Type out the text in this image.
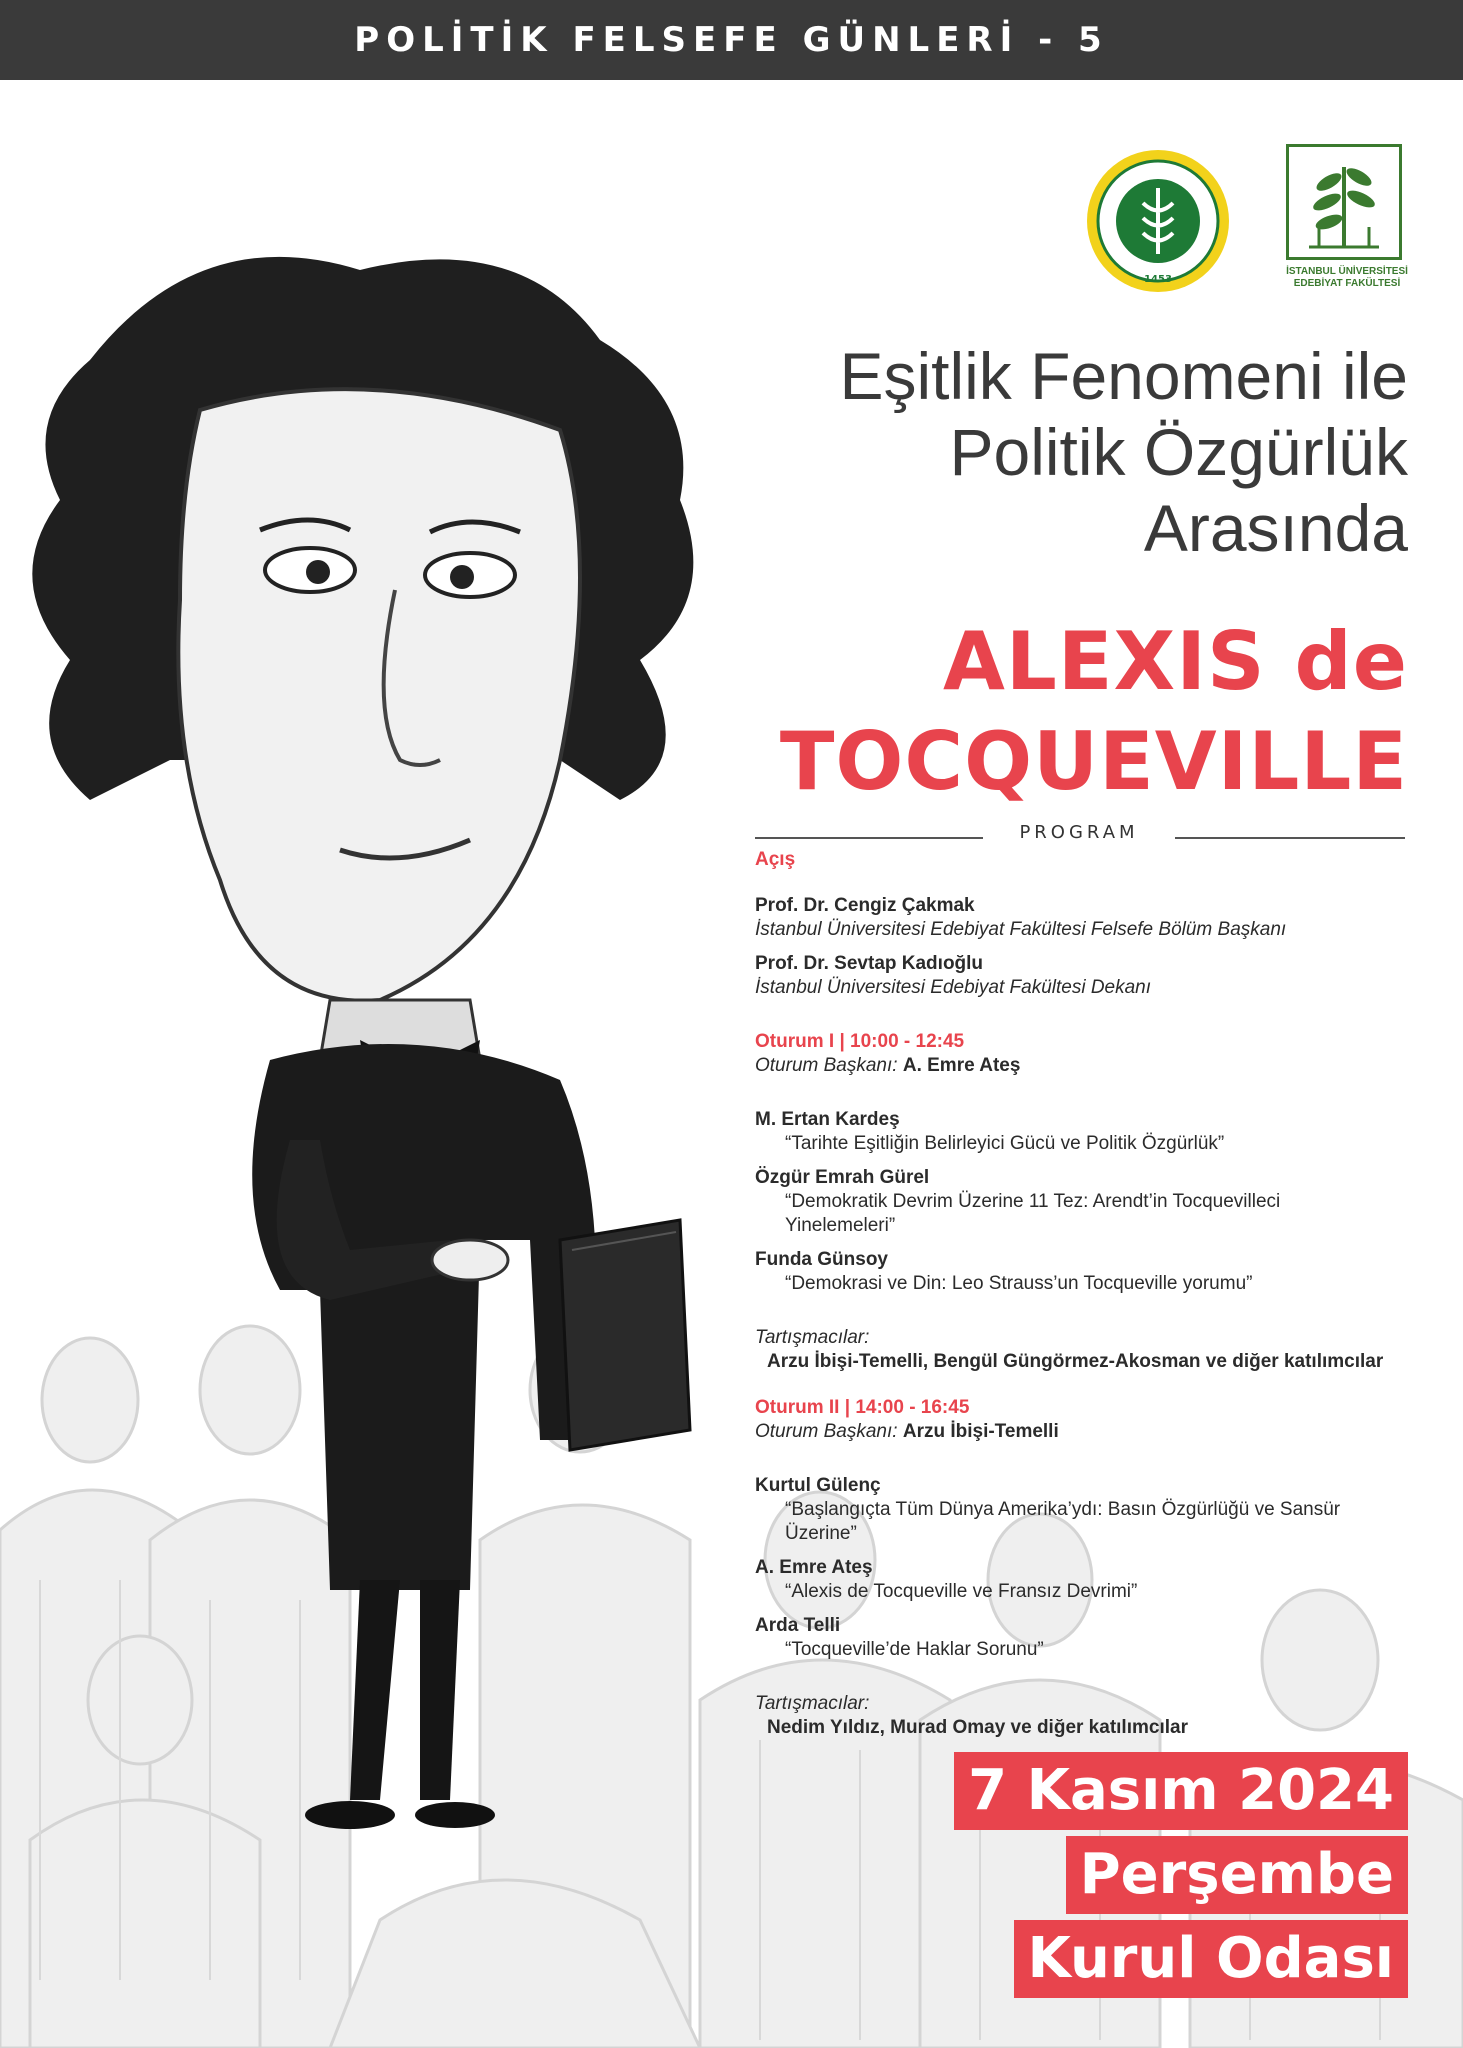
POLİTİK FELSEFE GÜNLERİ - 5
1453
İSTANBUL ÜNİVERSİTESİ
EDEBİYAT FAKÜLTESİ
Eşitlik Fenomeni ile
Politik Özgürlük
Arasında
ALEXIS de
TOCQUEVILLE
PROGRAM
Açış
Prof. Dr. Cengiz Çakmak
İstanbul Üniversitesi Edebiyat Fakültesi Felsefe Bölüm Başkanı
Prof. Dr. Sevtap Kadıoğlu
İstanbul Üniversitesi Edebiyat Fakültesi Dekanı
Oturum I | 10:00 - 12:45
Oturum Başkanı: A. Emre Ateş
M. Ertan Kardeş
“Tarihte Eşitliğin Belirleyici Gücü ve Politik Özgürlük”
Özgür Emrah Gürel
“Demokratik Devrim Üzerine 11 Tez: Arendt’in Tocquevilleci
Yinelemeleri”
Funda Günsoy
“Demokrasi ve Din: Leo Strauss’un Tocqueville yorumu”
Tartışmacılar:
Arzu İbişi-Temelli, Bengül Güngörmez-Akosman ve diğer katılımcılar
Oturum II | 14:00 - 16:45
Oturum Başkanı: Arzu İbişi-Temelli
Kurtul Gülenç
“Başlangıçta Tüm Dünya Amerika’ydı: Basın Özgürlüğü ve Sansür
Üzerine”
A. Emre Ateş
“Alexis de Tocqueville ve Fransız Devrimi”
Arda Telli
“Tocqueville’de Haklar Sorunu”
Tartışmacılar:
Nedim Yıldız, Murad Omay ve diğer katılımcılar
7 Kasım 2024
Perşembe
Kurul Odası
